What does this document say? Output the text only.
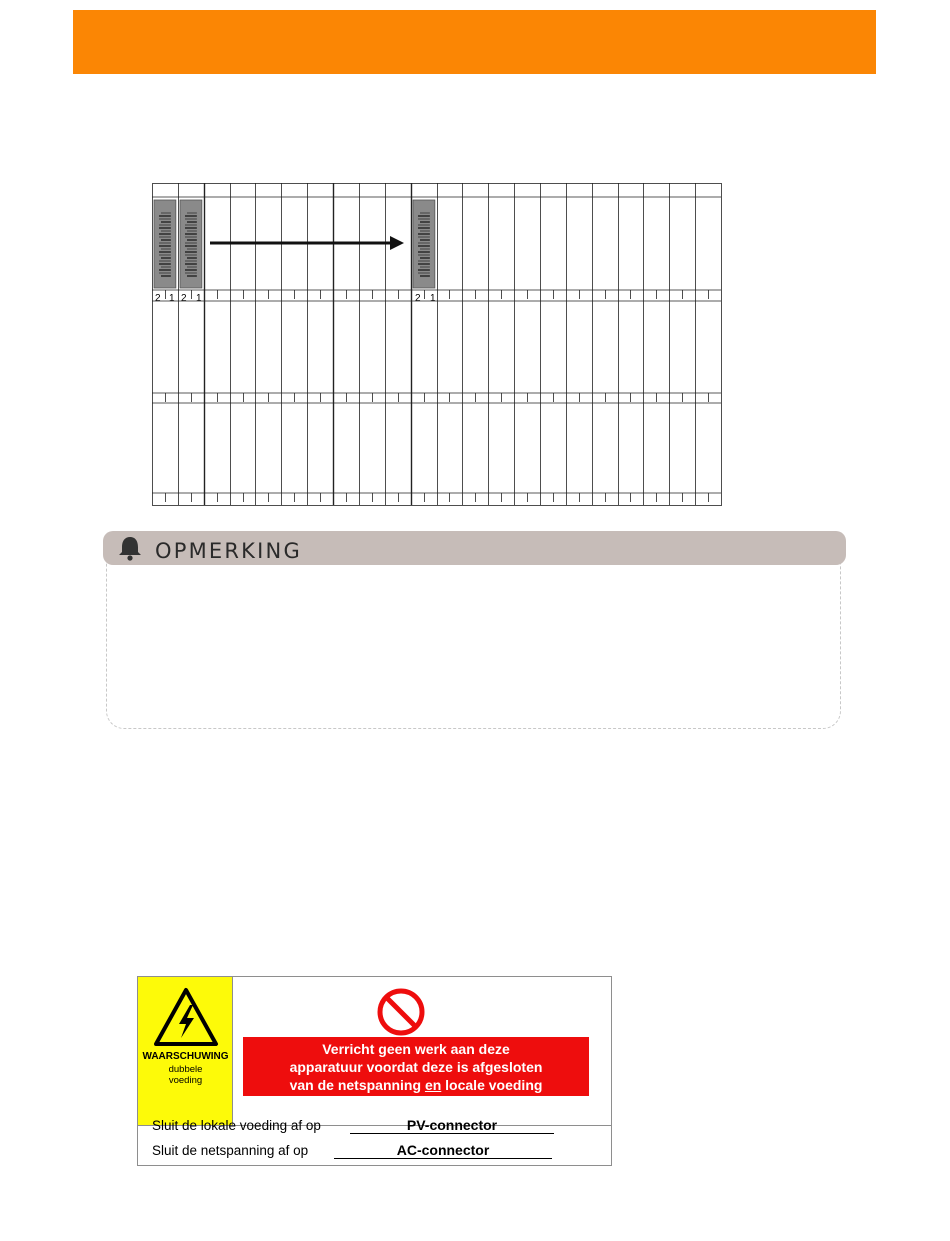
2 1 2 1	2 1
OPMERKING
WAARSCHUWING
dubbele
voeding
Verricht geen werk aan deze
apparatuur voordat deze is afgesloten
van de netspanning en locale voeding
Sluit de lokale voeding af op	PV-connector
Sluit de netspanning af op	AC-connector
